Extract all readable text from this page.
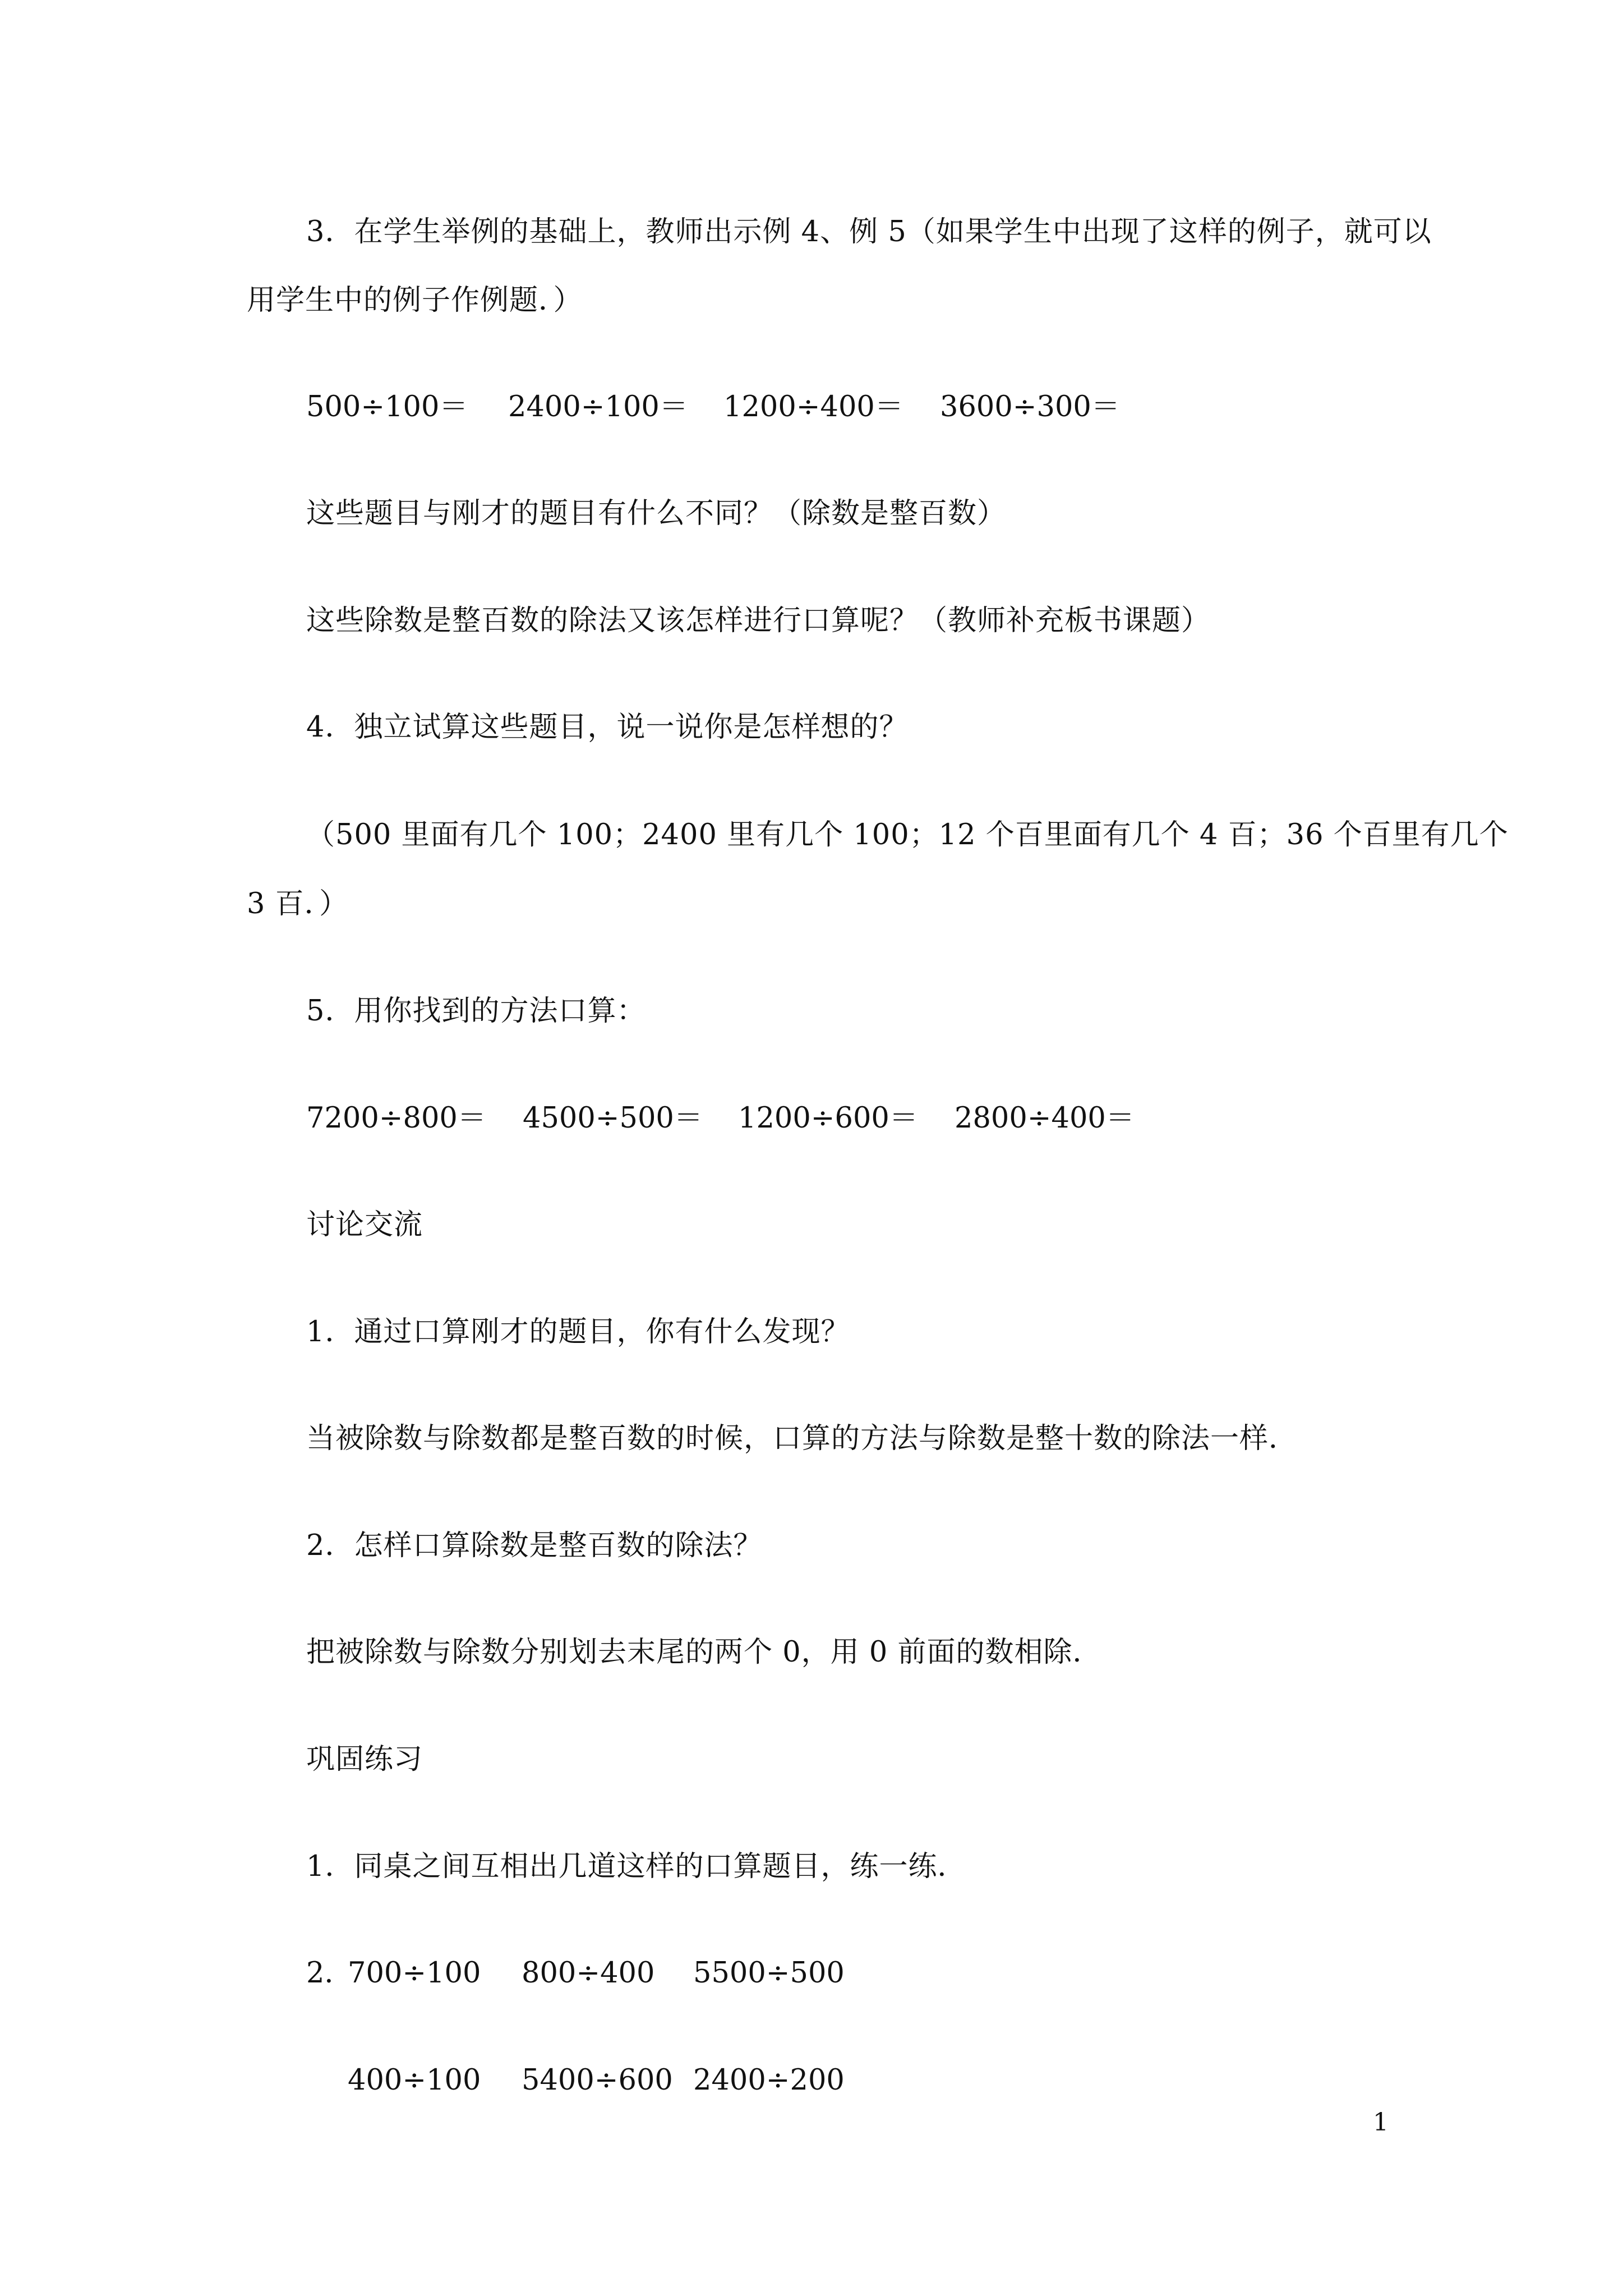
3．在学生举例的基础上，教师出示例 4、例 5（如果学生中出现了这样的例子，就可以
用学生中的例子作例题．）
500÷100＝ 2400÷100＝ 1200÷400＝ 3600÷300＝
这些题目与刚才的题目有什么不同？（除数是整百数）
这些除数是整百数的除法又该怎样进行口算呢？（教师补充板书课题）
4．独立试算这些题目，说一说你是怎样想的？
（500 里面有几个 100；2400 里有几个 100；12 个百里面有几个 4 百；36 个百里有几个
3 百．）
5．用你找到的方法口算：
7200÷800＝ 4500÷500＝ 1200÷600＝ 2800÷400＝
讨论交流
1．通过口算刚才的题目，你有什么发现？
当被除数与除数都是整百数的时候，口算的方法与除数是整十数的除法一样．
2．怎样口算除数是整百数的除法？
把被除数与除数分别划去末尾的两个 0，用 0 前面的数相除．
巩固练习
1．同桌之间互相出几道这样的口算题目，练一练．
2．
700÷100 800÷400 5500÷500
400÷100 5400÷600 2400÷200
1
